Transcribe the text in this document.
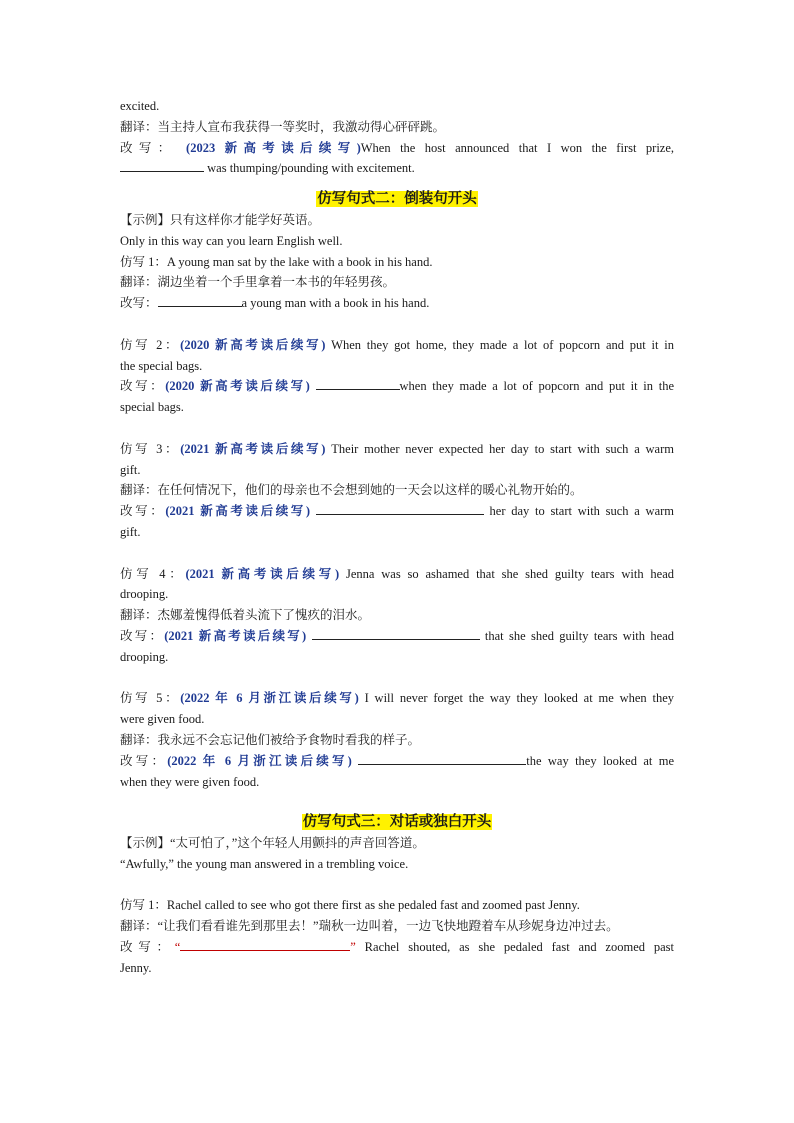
excited.
翻译：当主持人宣布我获得一等奖时，我激动得心砰砰跳。
改写： (2023 新高考读后续写)When the host announced that I won the first prize,
was thumping/pounding with excitement.
仿写句式二：倒装句开头
【示例】只有这样你才能学好英语。
Only in this way can you learn English well.
仿写 1：A young man sat by the lake with a book in his hand.
翻译：湖边坐着一个手里拿着一本书的年轻男孩。
改写：	a young man with a book in his hand.
仿写 2：(2020 新高考读后续写) When they got home, they made a lot of popcorn and put it in
the special bags.
改写：(2020 新高考读后续写)	when they made a lot of popcorn and put it in the
special bags.
仿写 3：(2021 新高考读后续写) Their mother never expected her day to start with such a warm
gift.
翻译：在任何情况下，他们的母亲也不会想到她的一天会以这样的暖心礼物开始的。
改写：(2021 新高考读后续写)	her day to start with such a warm
gift.
仿写 4：(2021 新高考读后续写) Jenna was so ashamed that she shed guilty tears with head
drooping.
翻译：杰娜羞愧得低着头流下了愧疚的泪水。
改写：(2021 新高考读后续写)	that she shed guilty tears with head
drooping.
仿写 5：(2022 年 6 月浙江读后续写) I will never forget the way they looked at me when they
were given food.
翻译：我永远不会忘记他们被给予食物时看我的样子。
改写：(2022 年 6 月浙江读后续写)	the way they looked at me
when they were given food.
仿写句式三：对话或独白开头
【示例】“太可怕了，”这个年轻人用颤抖的声音回答道。
“Awfully,” the young man answered in a trembling voice.
仿写 1：Rachel called to see who got there first as she pedaled fast and zoomed past Jenny.
翻译：“让我们看看谁先到那里去！”瑞秋一边叫着，一边飞快地蹬着车从珍妮身边冲过去。
改写：“	” Rachel shouted, as she pedaled fast and zoomed past
Jenny.
